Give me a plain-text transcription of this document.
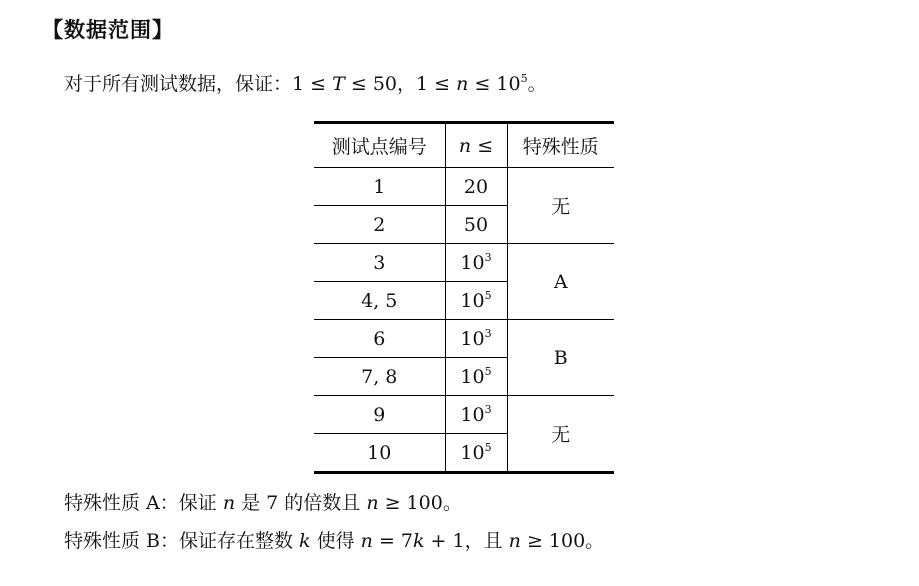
【数据范围】
对于所有测试数据，保证：1 ≤ T ≤ 50，$1 \le n \le 10^5$。
测试点编号	n ≤	特殊性质
1	20	无
2	50	
3	$10^3$	A
4, 5	$10^5$
6	$10^3$	B
7, 8	$10^5$
9	$10^3$	无
10	$10^5$
特殊性质 A：保证 n 是 7 的倍数且 n ≥ 100。
特殊性质 B：保证存在整数 k 使得 n = 7k + 1，且 n ≥ 100。
